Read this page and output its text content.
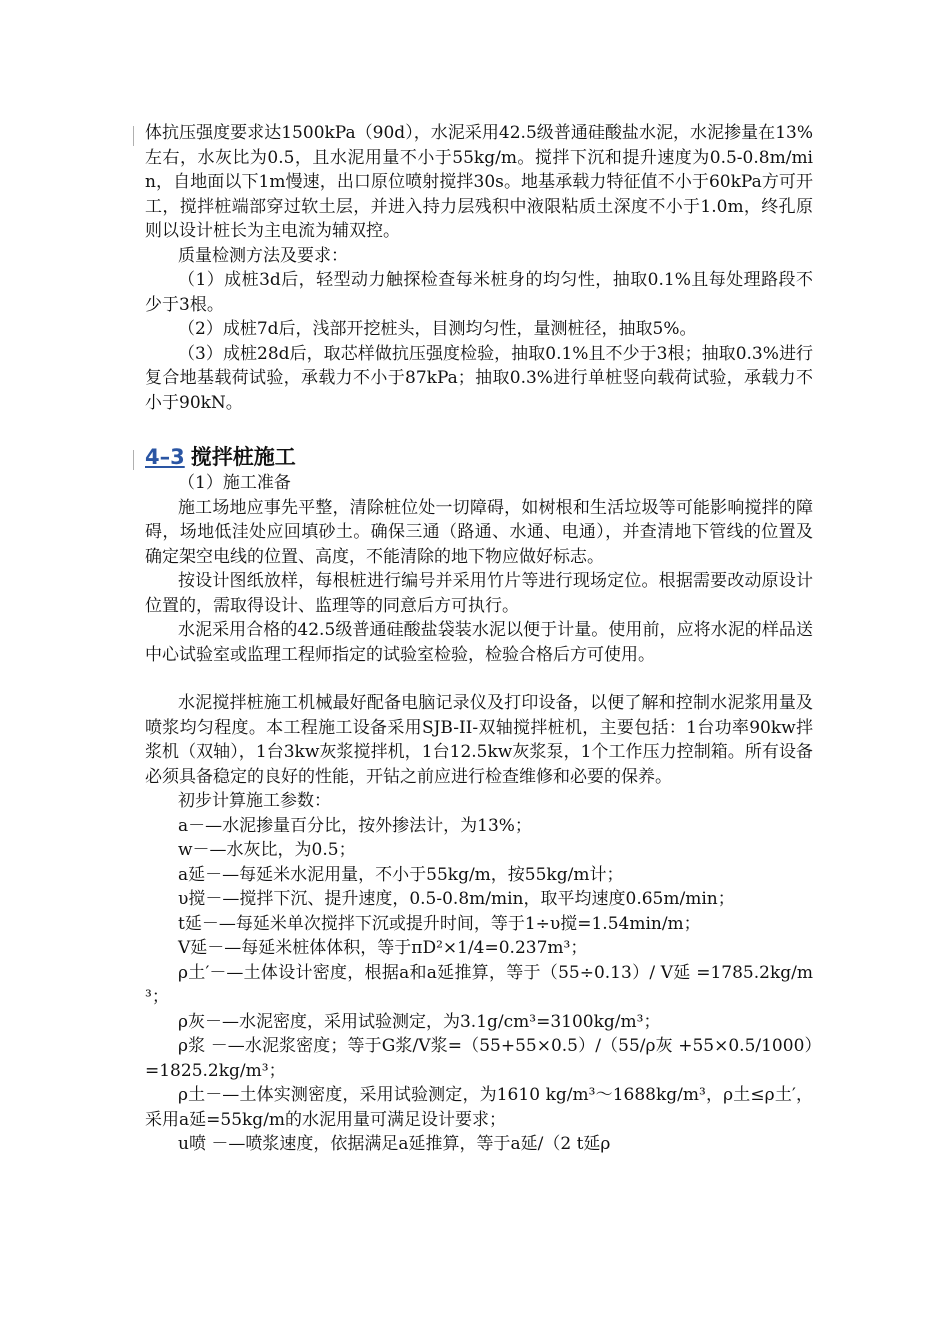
体抗压强度要求达1500kPa（90d），水泥采用42.5级普通硅酸盐水泥，水泥掺量在13%左右，水灰比为0.5，且水泥用量不小于55kg/m。搅拌下沉和提升速度为0.5-0.8m/min，自地面以下1m慢速，出口原位喷射搅拌30s。地基承载力特征值不小于60kPa方可开工，搅拌桩端部穿过软土层，并进入持力层残积中液限粘质土深度不小于1.0m，终孔原则以设计桩长为主电流为辅双控。

质量检测方法及要求：

（1）成桩3d后，轻型动力触探检查每米桩身的均匀性，抽取0.1%且每处理路段不少于3根。

（2）成桩7d后，浅部开挖桩头，目测均匀性，量测桩径，抽取5%。

（3）成桩28d后，取芯样做抗压强度检验，抽取0.1%且不少于3根；抽取0.3%进行复合地基载荷试验，承载力不小于87kPa；抽取0.3%进行单桩竖向载荷试验，承载力不小于90kN。

4–3 搅拌桩施工

（1）施工准备

施工场地应事先平整，清除桩位处一切障碍，如树根和生活垃圾等可能影响搅拌的障碍，场地低洼处应回填砂土。确保三通（路通、水通、电通），并查清地下管线的位置及确定架空电线的位置、高度，不能清除的地下物应做好标志。

按设计图纸放样，每根桩进行编号并采用竹片等进行现场定位。根据需要改动原设计位置的，需取得设计、监理等的同意后方可执行。

水泥采用合格的42.5级普通硅酸盐袋装水泥以便于计量。使用前，应将水泥的样品送中心试验室或监理工程师指定的试验室检验，检验合格后方可使用。

水泥搅拌桩施工机械最好配备电脑记录仪及打印设备，以便了解和控制水泥浆用量及喷浆均匀程度。本工程施工设备采用SJB-II-双轴搅拌桩机，主要包括：1台功率90kw拌浆机（双轴），1台3kw灰浆搅拌机，1台12.5kw灰浆泵，1个工作压力控制箱。所有设备必须具备稳定的良好的性能，开钻之前应进行检查维修和必要的保养。

初步计算施工参数：

a－—水泥掺量百分比，按外掺法计，为13%；

w－—水灰比，为0.5；

a延－—每延米水泥用量，不小于55kg/m，按55kg/m计；

υ搅－—搅拌下沉、提升速度，0.5-0.8m/min，取平均速度0.65m/min；

t延－—每延米单次搅拌下沉或提升时间，等于1÷υ搅=1.54min/m；

V延－—每延米桩体体积，等于πD²×1/4=0.237m³；

ρ土′－—土体设计密度，根据a和a延推算，等于（55÷0.13）/ V延 =1785.2kg/m³；

ρ灰－—水泥密度，采用试验测定，为3.1g/cm³=3100kg/m³；

ρ浆 －—水泥浆密度；等于G浆/V浆=（55+55×0.5）/（55/ρ灰 +55×0.5/1000）=1825.2kg/m³；

ρ土－—土体实测密度，采用试验测定，为1610 kg/m³～1688kg/m³，ρ土≤ρ土′，采用a延=55kg/m的水泥用量可满足设计要求；

u喷 －—喷浆速度，依据满足a延推算，等于a延/（2 t延ρ
